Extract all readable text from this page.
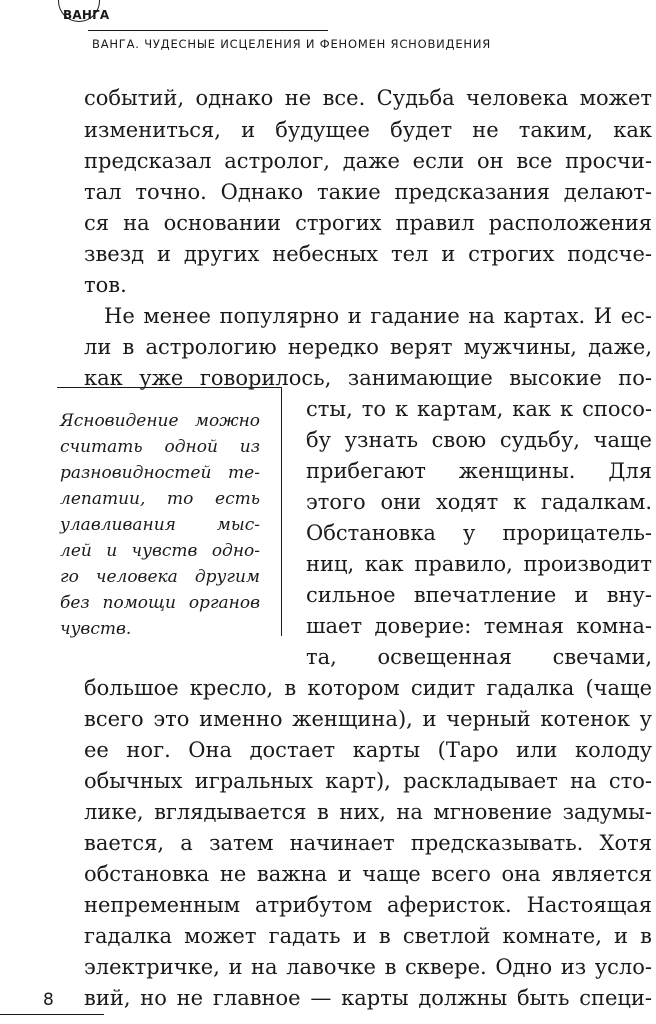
ВАНГА
ВАНГА. ЧУДЕСНЫЕ ИСЦЕЛЕНИЯ И ФЕНОМЕН ЯСНОВИДЕНИЯ
событий, однако не все. Судьба человека может
измениться, и будущее будет не таким, как
предсказал астролог, даже если он все просчи-
тал точно. Однако такие предсказания делают-
ся на основании строгих правил расположения
звезд и других небесных тел и строгих подсче-
тов.
Не менее популярно и гадание на картах. И ес-
ли в астрологию нередко верят мужчины, даже,
как уже говорилось, занимающие высокие по-
Ясновидение можно
считать одной из
разновидностей те-
лепатии, то есть
улавливания мыс-
лей и чувств одно-
го человека другим
без помощи органов
чувств.
сты, то к картам, как к спосо-
бу узнать свою судьбу, чаще
прибегают женщины. Для
этого они ходят к гадалкам.
Обстановка у прорицатель-
ниц, как правило, производит
сильное впечатление и вну-
шает доверие: темная комна-
та, освещенная свечами,
большое кресло, в котором сидит гадалка (чаще
всего это именно женщина), и черный котенок у
ее ног. Она достает карты (Таро или колоду
обычных игральных карт), раскладывает на сто-
лике, вглядывается в них, на мгновение задумы-
вается, а затем начинает предсказывать. Хотя
обстановка не важна и чаще всего она является
непременным атрибутом аферисток. Настоящая
гадалка может гадать и в светлой комнате, и в
электричке, и на лавочке в сквере. Одно из усло-
вий, но не главное — карты должны быть специ-
8
